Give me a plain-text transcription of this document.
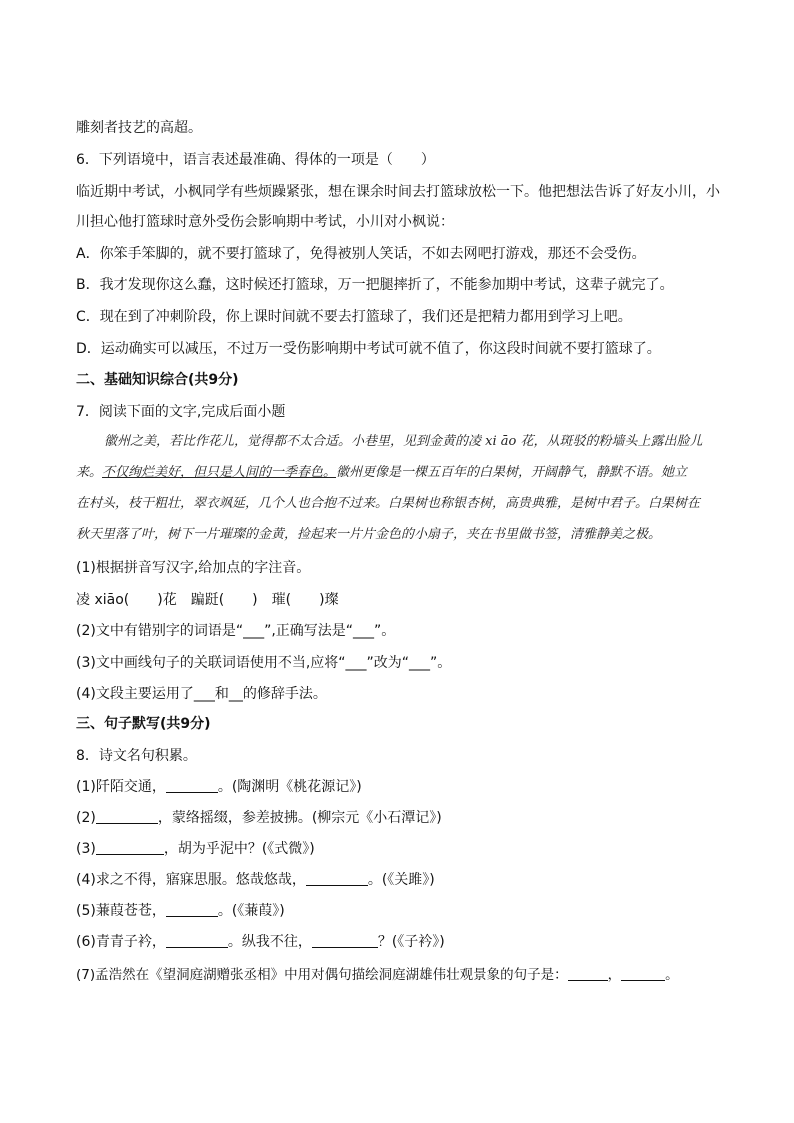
雕刻者技艺的高超。
6．下列语境中，语言表述最准确、得体的一项是（　　）
临近期中考试，小枫同学有些烦躁紧张，想在课余时间去打篮球放松一下。他把想法告诉了好友小川，小
川担心他打篮球时意外受伤会影响期中考试，小川对小枫说：
A．你笨手笨脚的，就不要打篮球了，免得被别人笑话，不如去网吧打游戏，那还不会受伤。
B．我才发现你这么蠢，这时候还打篮球，万一把腿摔折了，不能参加期中考试，这辈子就完了。
C．现在到了冲刺阶段，你上课时间就不要去打篮球了，我们还是把精力都用到学习上吧。
D．运动确实可以减压，不过万一受伤影响期中考试可就不值了，你这段时间就不要打篮球了。
二、基础知识综合(共9分)
7．阅读下面的文字,完成后面小题
徽州之美，若比作花儿，觉得都不太合适。小巷里，见到金黄的凌 xi āo 花，从斑驳的粉墙头上露出脸儿
来。不仅绚烂美好，但只是人间的一季春色。徽州更像是一棵五百年的白果树，开阔静气，静默不语。她立
在村头，枝干粗壮，翠衣飒延，几个人也合抱不过来。白果树也称银杏树，高贵典雅，是树中君子。白果树在
秋天里落了叶，树下一片璀璨的金黄，捡起来一片片金色的小扇子，夹在书里做书签，清雅静美之极。
(1)根据拼音写汉字,给加点的字注音。
凌 xiāo(　　)花　蹁跹(　　)　璀(　　)璨
(2)文中有错别字的词语是“___”,正确写法是“___”。
(3)文中画线句子的关联词语使用不当,应将“___”改为“___”。
(4)文段主要运用了___和__的修辞手法。
三、句子默写(共9分)
8．诗文名句积累。
(1)阡陌交通，	。(陶渊明《桃花源记》)
(2)	，蒙络摇缀，参差披拂。(柳宗元《小石潭记》)
(3)	，胡为乎泥中？(《式微》)
(4)求之不得，寤寐思服。悠哉悠哉，	。(《关雎》)
(5)蒹葭苍苍，	。(《蒹葭》)
(6)青青子衿，	。纵我不往，	？(《子衿》)
(7)孟浩然在《望洞庭湖赠张丞相》中用对偶句描绘洞庭湖雄伟壮观景象的句子是：	，	。
